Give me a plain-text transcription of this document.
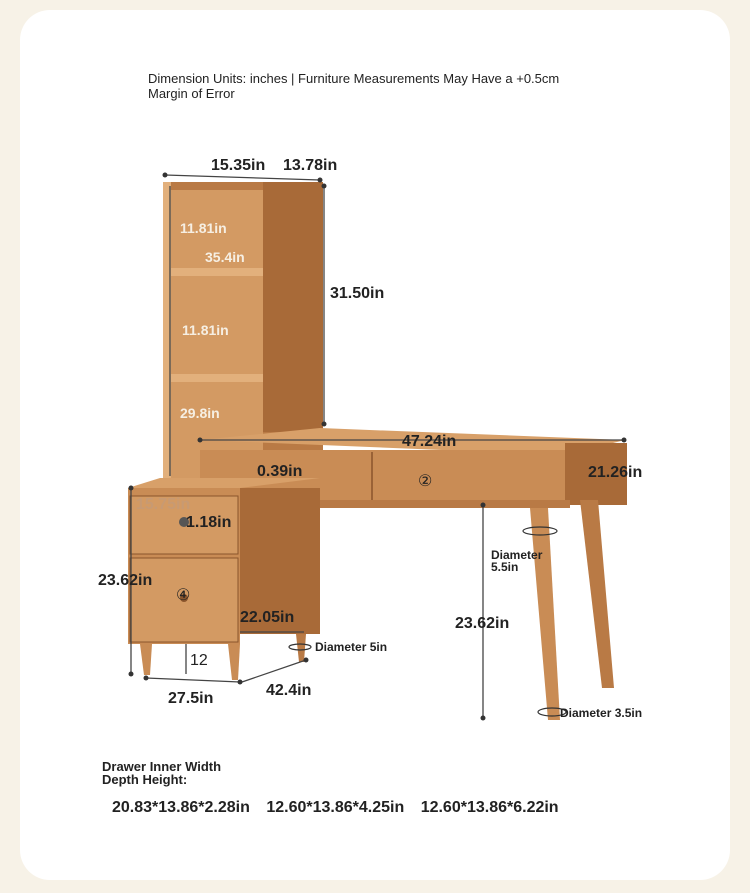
Dimension Units: inches | Furniture Measurements May Have a +0.5cm
Margin of Error
15.35in 13.78in
11.81in
35.4in
11.81in
29.8in
31.50in
47.24in
0.39in	21.26in
②
15.75in
1.18in
23.62in
④
22.05in
12
27.5in	42.4in
23.62in
Diameter
5.5in
Diameter 5in
Diameter 3.5in
Drawer Inner Width
Depth Height:
20.83*13.86*2.28in 12.60*13.86*4.25in 12.60*13.86*6.22in
